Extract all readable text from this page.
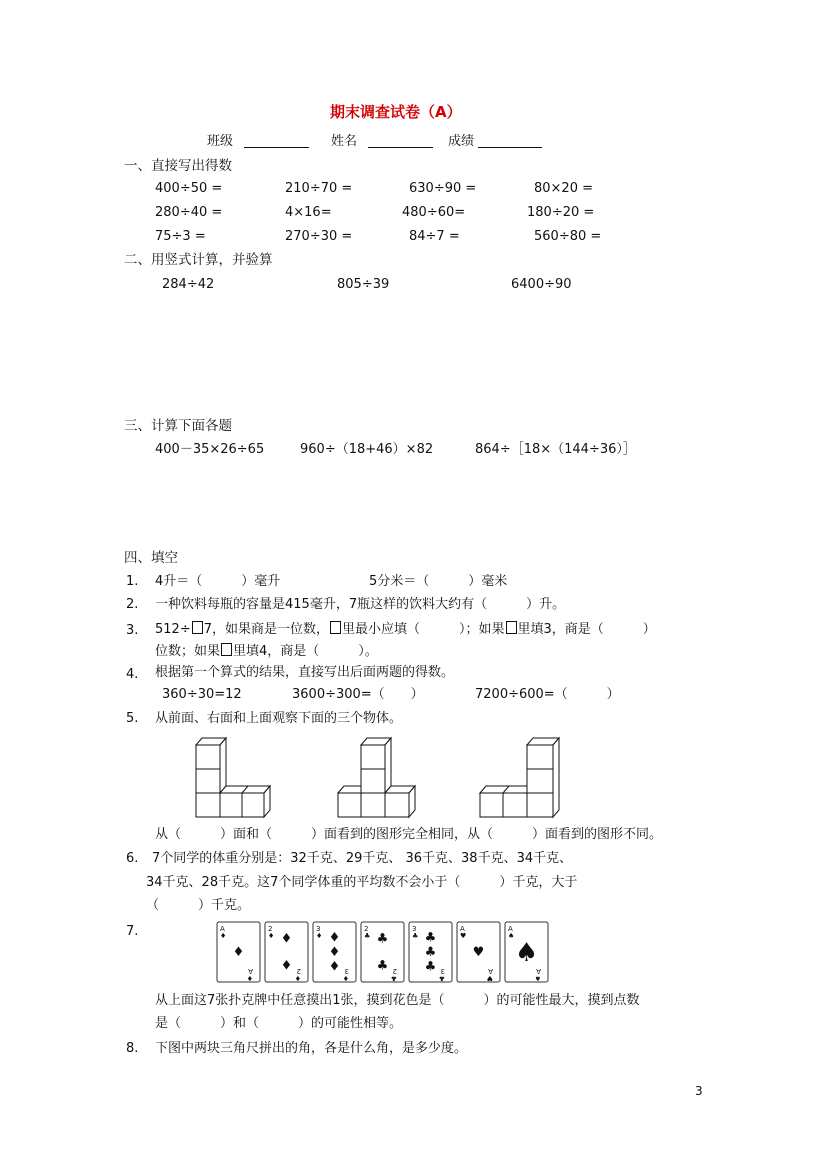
期末调查试卷（A）
班级	姓名	成绩
一、直接写出得数
400÷50 =	210÷70 =	630÷90 =	80×20 =
280÷40 =	4×16=	480÷60=	180÷20 =
75÷3 =	270÷30 =	84÷7 =	560÷80 =
二、用竖式计算，并验算
284÷42	805÷39	6400÷90
三、计算下面各题
400－35×26÷65	960÷（18+46）×82	864÷［18×（144÷36）］
四、填空
1. 4升＝（　　　）毫升	5分米＝（　　　）毫米
2. 一种饮料每瓶的容量是415毫升，7瓶这样的饮料大约有（　　　）升。
3. 512÷ 7，如果商是一位数， 里最小应填（　　　）；如果 里填3，商是（　　　）
位数；如果 里填4，商是（　　　）。
4. 根据第一个算式的结果，直接写出后面两题的得数。
360÷30=12	3600÷300=（　　）	7200÷600=（　　　）
5. 从前面、右面和上面观察下面的三个物体。
从（　　　）面和（　　　）面看到的图形完全相同，从（　　　）面看到的图形不同。
6. 7个同学的体重分别是：32千克、29千克、 36千克、38千克、34千克、
34千克、28千克。这7个同学体重的平均数不会小于（　　　）千克，大于
（　　　）千克。
7.	A
♦
A
♦
♦
2
♦
2
♦
♦
♦
3
♦
3
♦
♦
♦
♦
2
♣
2
♣
♣
♣
3
♣
3
♣
♣
♣
♣
A
♥
A
♥
♥
A
♠
A
♠
♠
从上面这7张扑克牌中任意摸出1张，摸到花色是（　　　）的可能性最大，摸到点数
是（　　　）和（　　　）的可能性相等。
8. 下图中两块三角尺拼出的角，各是什么角，是多少度。
3
